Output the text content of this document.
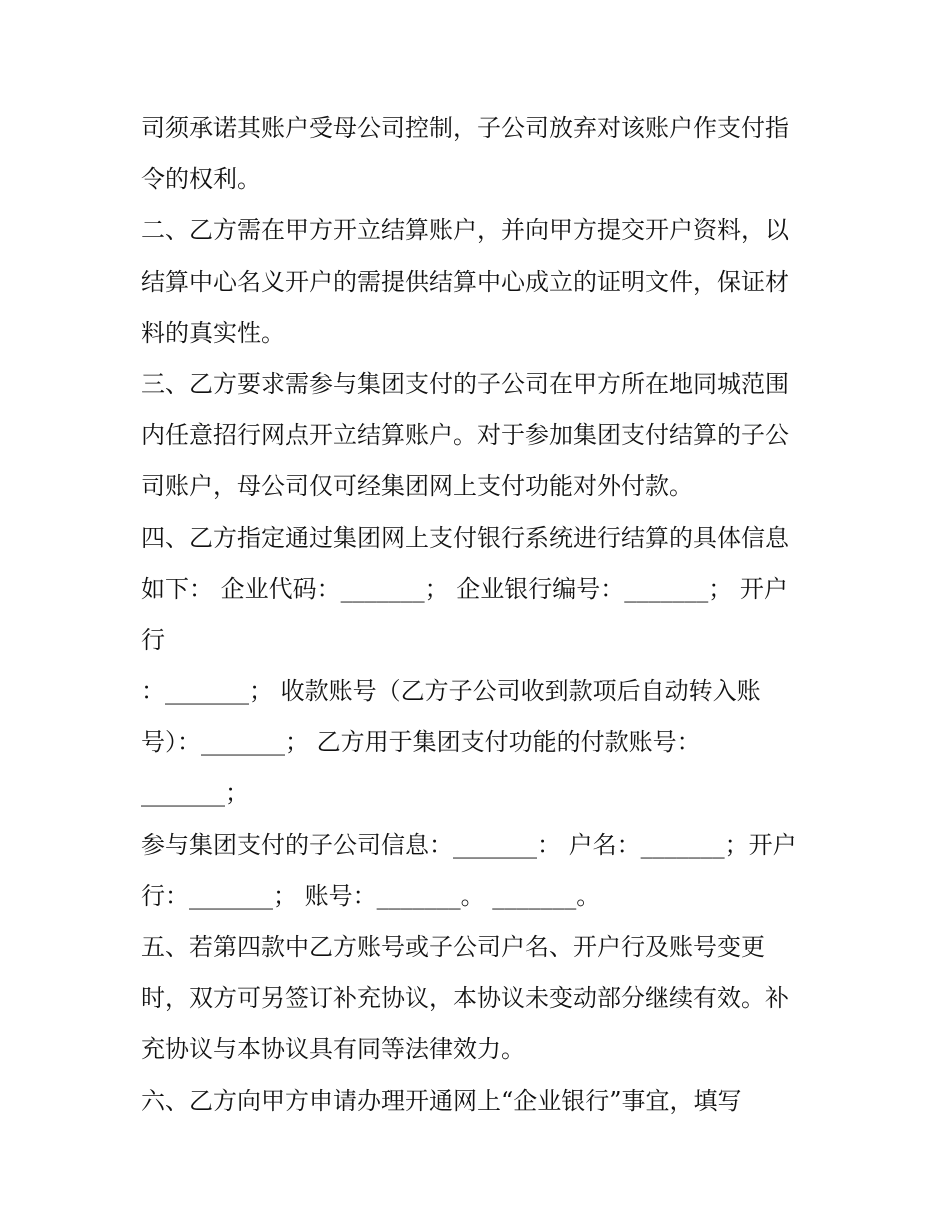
司须承诺其账户受母公司控制，子公司放弃对该账户作支付指
令的权利。
二、乙方需在甲方开立结算账户，并向甲方提交开户资料，以
结算中心名义开户的需提供结算中心成立的证明文件，保证材
料的真实性。
三、乙方要求需参与集团支付的子公司在甲方所在地同城范围
内任意招行网点开立结算账户。对于参加集团支付结算的子公
司账户，母公司仅可经集团网上支付功能对外付款。
四、乙方指定通过集团网上支付银行系统进行结算的具体信息
如下： 企业代码：_______； 企业银行编号：_______； 开户
行
：_______； 收款账号（乙方子公司收到款项后自动转入账
号）：_______； 乙方用于集团支付功能的付款账号：
_______；
参与集团支付的子公司信息：_______： 户名：_______；开户
行：_______； 账号：_______。 _______。
五、若第四款中乙方账号或子公司户名、开户行及账号变更
时，双方可另签订补充协议，本协议未变动部分继续有效。补
充协议与本协议具有同等法律效力。
六、乙方向甲方申请办理开通网上“企业银行”事宜，填写
